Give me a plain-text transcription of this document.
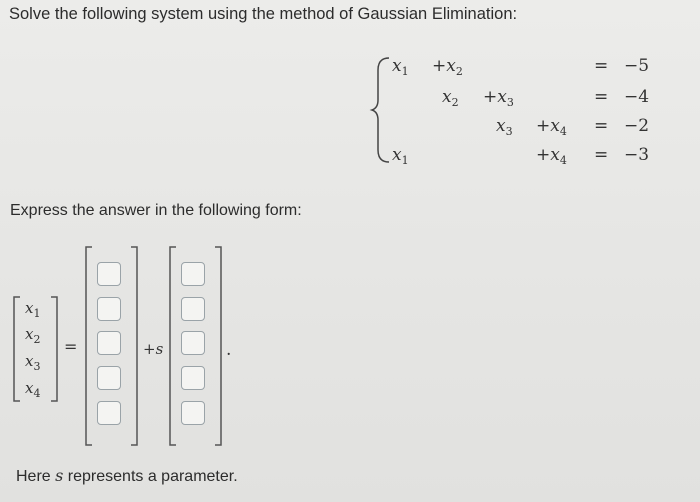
Solve the following system using the method of Gaussian Elimination:
$x_1 +x_2$	= −5
$x_2 +x_3$	= −4
$x_3 +x_4 = -2$
$x_1$	$+x_4 = -3$
Express the answer in the following form:
$x_1$
$x_2$
$x_3$
$x_4$
=	+s	.
Here s represents a parameter.
